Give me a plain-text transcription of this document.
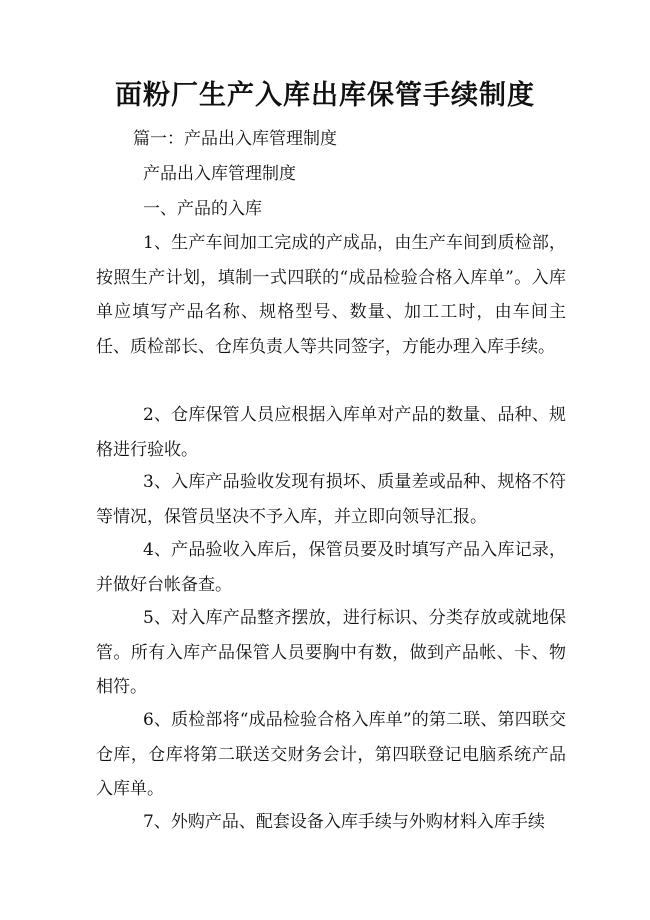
面粉厂生产入库出库保管手续制度

篇一：产品出入库管理制度

产品出入库管理制度

一、产品的入库

1、生产车间加工完成的产成品，由生产车间到质检部，按照生产计划，填制一式四联的“成品检验合格入库单”。入库单应填写产品名称、规格型号、数量、加工工时，由车间主任、质检部长、仓库负责人等共同签字，方能办理入库手续。

2、仓库保管人员应根据入库单对产品的数量、品种、规格进行验收。

3、入库产品验收发现有损坏、质量差或品种、规格不符等情况，保管员坚决不予入库，并立即向领导汇报。

4、产品验收入库后，保管员要及时填写产品入库记录，并做好台帐备查。

5、对入库产品整齐摆放，进行标识、分类存放或就地保管。所有入库产品保管人员要胸中有数，做到产品帐、卡、物相符。

6、质检部将“成品检验合格入库单”的第二联、第四联交仓库，仓库将第二联送交财务会计，第四联登记电脑系统产品入库单。

7、外购产品、配套设备入库手续与外购材料入库手续
